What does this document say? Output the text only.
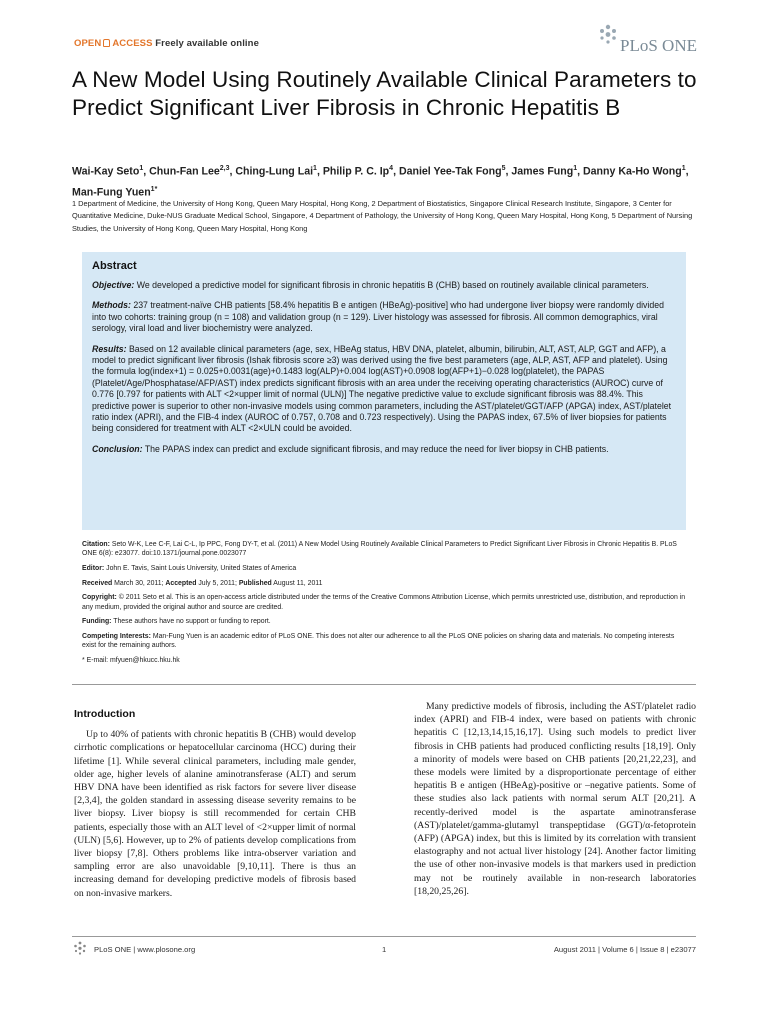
OPEN ACCESS Freely available online	PLoS ONE
A New Model Using Routinely Available Clinical Parameters to Predict Significant Liver Fibrosis in Chronic Hepatitis B
Wai-Kay Seto$^1$, Chun-Fan Lee$^{2,3}$, Ching-Lung Lai$^1$, Philip P. C. Ip$^4$, Daniel Yee-Tak Fong$^5$, James Fung$^1$, Danny Ka-Ho Wong$^1$, Man-Fung Yuen$^{1*}$
1 Department of Medicine, the University of Hong Kong, Queen Mary Hospital, Hong Kong, 2 Department of Biostatistics, Singapore Clinical Research Institute, Singapore, 3 Center for Quantitative Medicine, Duke-NUS Graduate Medical School, Singapore, 4 Department of Pathology, the University of Hong Kong, Queen Mary Hospital, Hong Kong, 5 Department of Nursing Studies, the University of Hong Kong, Queen Mary Hospital, Hong Kong
Abstract

Objective: We developed a predictive model for significant fibrosis in chronic hepatitis B (CHB) based on routinely available clinical parameters.

Methods: 237 treatment-naïve CHB patients [58.4% hepatitis B e antigen (HBeAg)-positive] who had undergone liver biopsy were randomly divided into two cohorts: training group (n = 108) and validation group (n = 129). Liver histology was assessed for fibrosis. All common demographics, viral serology, viral load and liver biochemistry were analyzed.

Results: Based on 12 available clinical parameters (age, sex, HBeAg status, HBV DNA, platelet, albumin, bilirubin, ALT, AST, ALP, GGT and AFP), a model to predict significant liver fibrosis (Ishak fibrosis score ≥3) was derived using the five best parameters (age, ALP, AST, AFP and platelet). Using the formula log(index+1) = 0.025+0.0031(age)+0.1483 log(ALP)+0.004 log(AST)+0.0908 log(AFP+1)−0.028 log(platelet), the PAPAS (Platelet/Age/Phosphatase/AFP/AST) index predicts significant fibrosis with an area under the receiving operating characteristics (AUROC) curve of 0.776 [0.797 for patients with ALT <2×upper limit of normal (ULN)] The negative predictive value to exclude significant fibrosis was 88.4%. This predictive power is superior to other non-invasive models using common parameters, including the AST/platelet/GGT/AFP (APGA) index, AST/platelet ratio index (APRI), and the FIB-4 index (AUROC of 0.757, 0.708 and 0.723 respectively). Using the PAPAS index, 67.5% of liver biopsies for patients being considered for treatment with ALT <2×ULN could be avoided.

Conclusion: The PAPAS index can predict and exclude significant fibrosis, and may reduce the need for liver biopsy in CHB patients.

Citation: Seto W-K, Lee C-F, Lai C-L, Ip PPC, Fong DY-T, et al. (2011) A New Model Using Routinely Available Clinical Parameters to Predict Significant Liver Fibrosis in Chronic Hepatitis B. PLoS ONE 6(8): e23077. doi:10.1371/journal.pone.0023077

Editor: John E. Tavis, Saint Louis University, United States of America

Received March 30, 2011; Accepted July 5, 2011; Published August 11, 2011

Copyright: © 2011 Seto et al. This is an open-access article distributed under the terms of the Creative Commons Attribution License, which permits unrestricted use, distribution, and reproduction in any medium, provided the original author and source are credited.

Funding: These authors have no support or funding to report.

Competing Interests: Man-Fung Yuen is an academic editor of PLoS ONE. This does not alter our adherence to all the PLoS ONE policies on sharing data and materials. No competing interests exist for the remaining authors.

* E-mail: mfyuen@hkucc.hku.hk

Introduction

Up to 40% of patients with chronic hepatitis B (CHB) would develop cirrhotic complications or hepatocellular carcinoma (HCC) during their lifetime [1]. While several clinical parameters, including male gender, older age, higher levels of alanine aminotransferase (ALT) and serum HBV DNA have been identified as risk factors for severe liver disease [2,3,4], the golden standard in assessing disease severity remains to be liver biopsy. Liver biopsy is still recommended for certain CHB patients, especially those with an ALT level of <2×upper limit of normal (ULN) [5,6]. However, up to 2% of patients develop complications from liver biopsy [7,8]. Others problems like intra-observer variation and sampling error are also unavoidable [9,10,11]. There is thus an increasing demand for developing predictive models of fibrosis based on non-invasive markers.

Many predictive models of fibrosis, including the AST/platelet radio index (APRI) and FIB-4 index, were based on patients with chronic hepatitis C [12,13,14,15,16,17]. Using such models to predict liver fibrosis in CHB patients had produced conflicting results [18,19]. Only a minority of models were based on CHB patients [20,21,22,23], and these models were limited by a disproportionate percentage of either hepatitis B e antigen (HBeAg)-positive or –negative patients. Some of these studies also lack patients with normal serum ALT [20,21]. A recently-derived model is the aspartate aminotransferase (AST)/platelet/gamma-glutamyl transpeptidase (GGT)/α-fetoprotein (AFP) (APGA) index, but this is limited by its correlation with transient elastography and not actual liver histology [24]. Another factor limiting the use of other non-invasive models is that markers used in prediction may not be routinely available in non-research laboratories [18,20,25,26].

PLoS ONE | www.plosone.org	1	August 2011 | Volume 6 | Issue 8 | e23077
